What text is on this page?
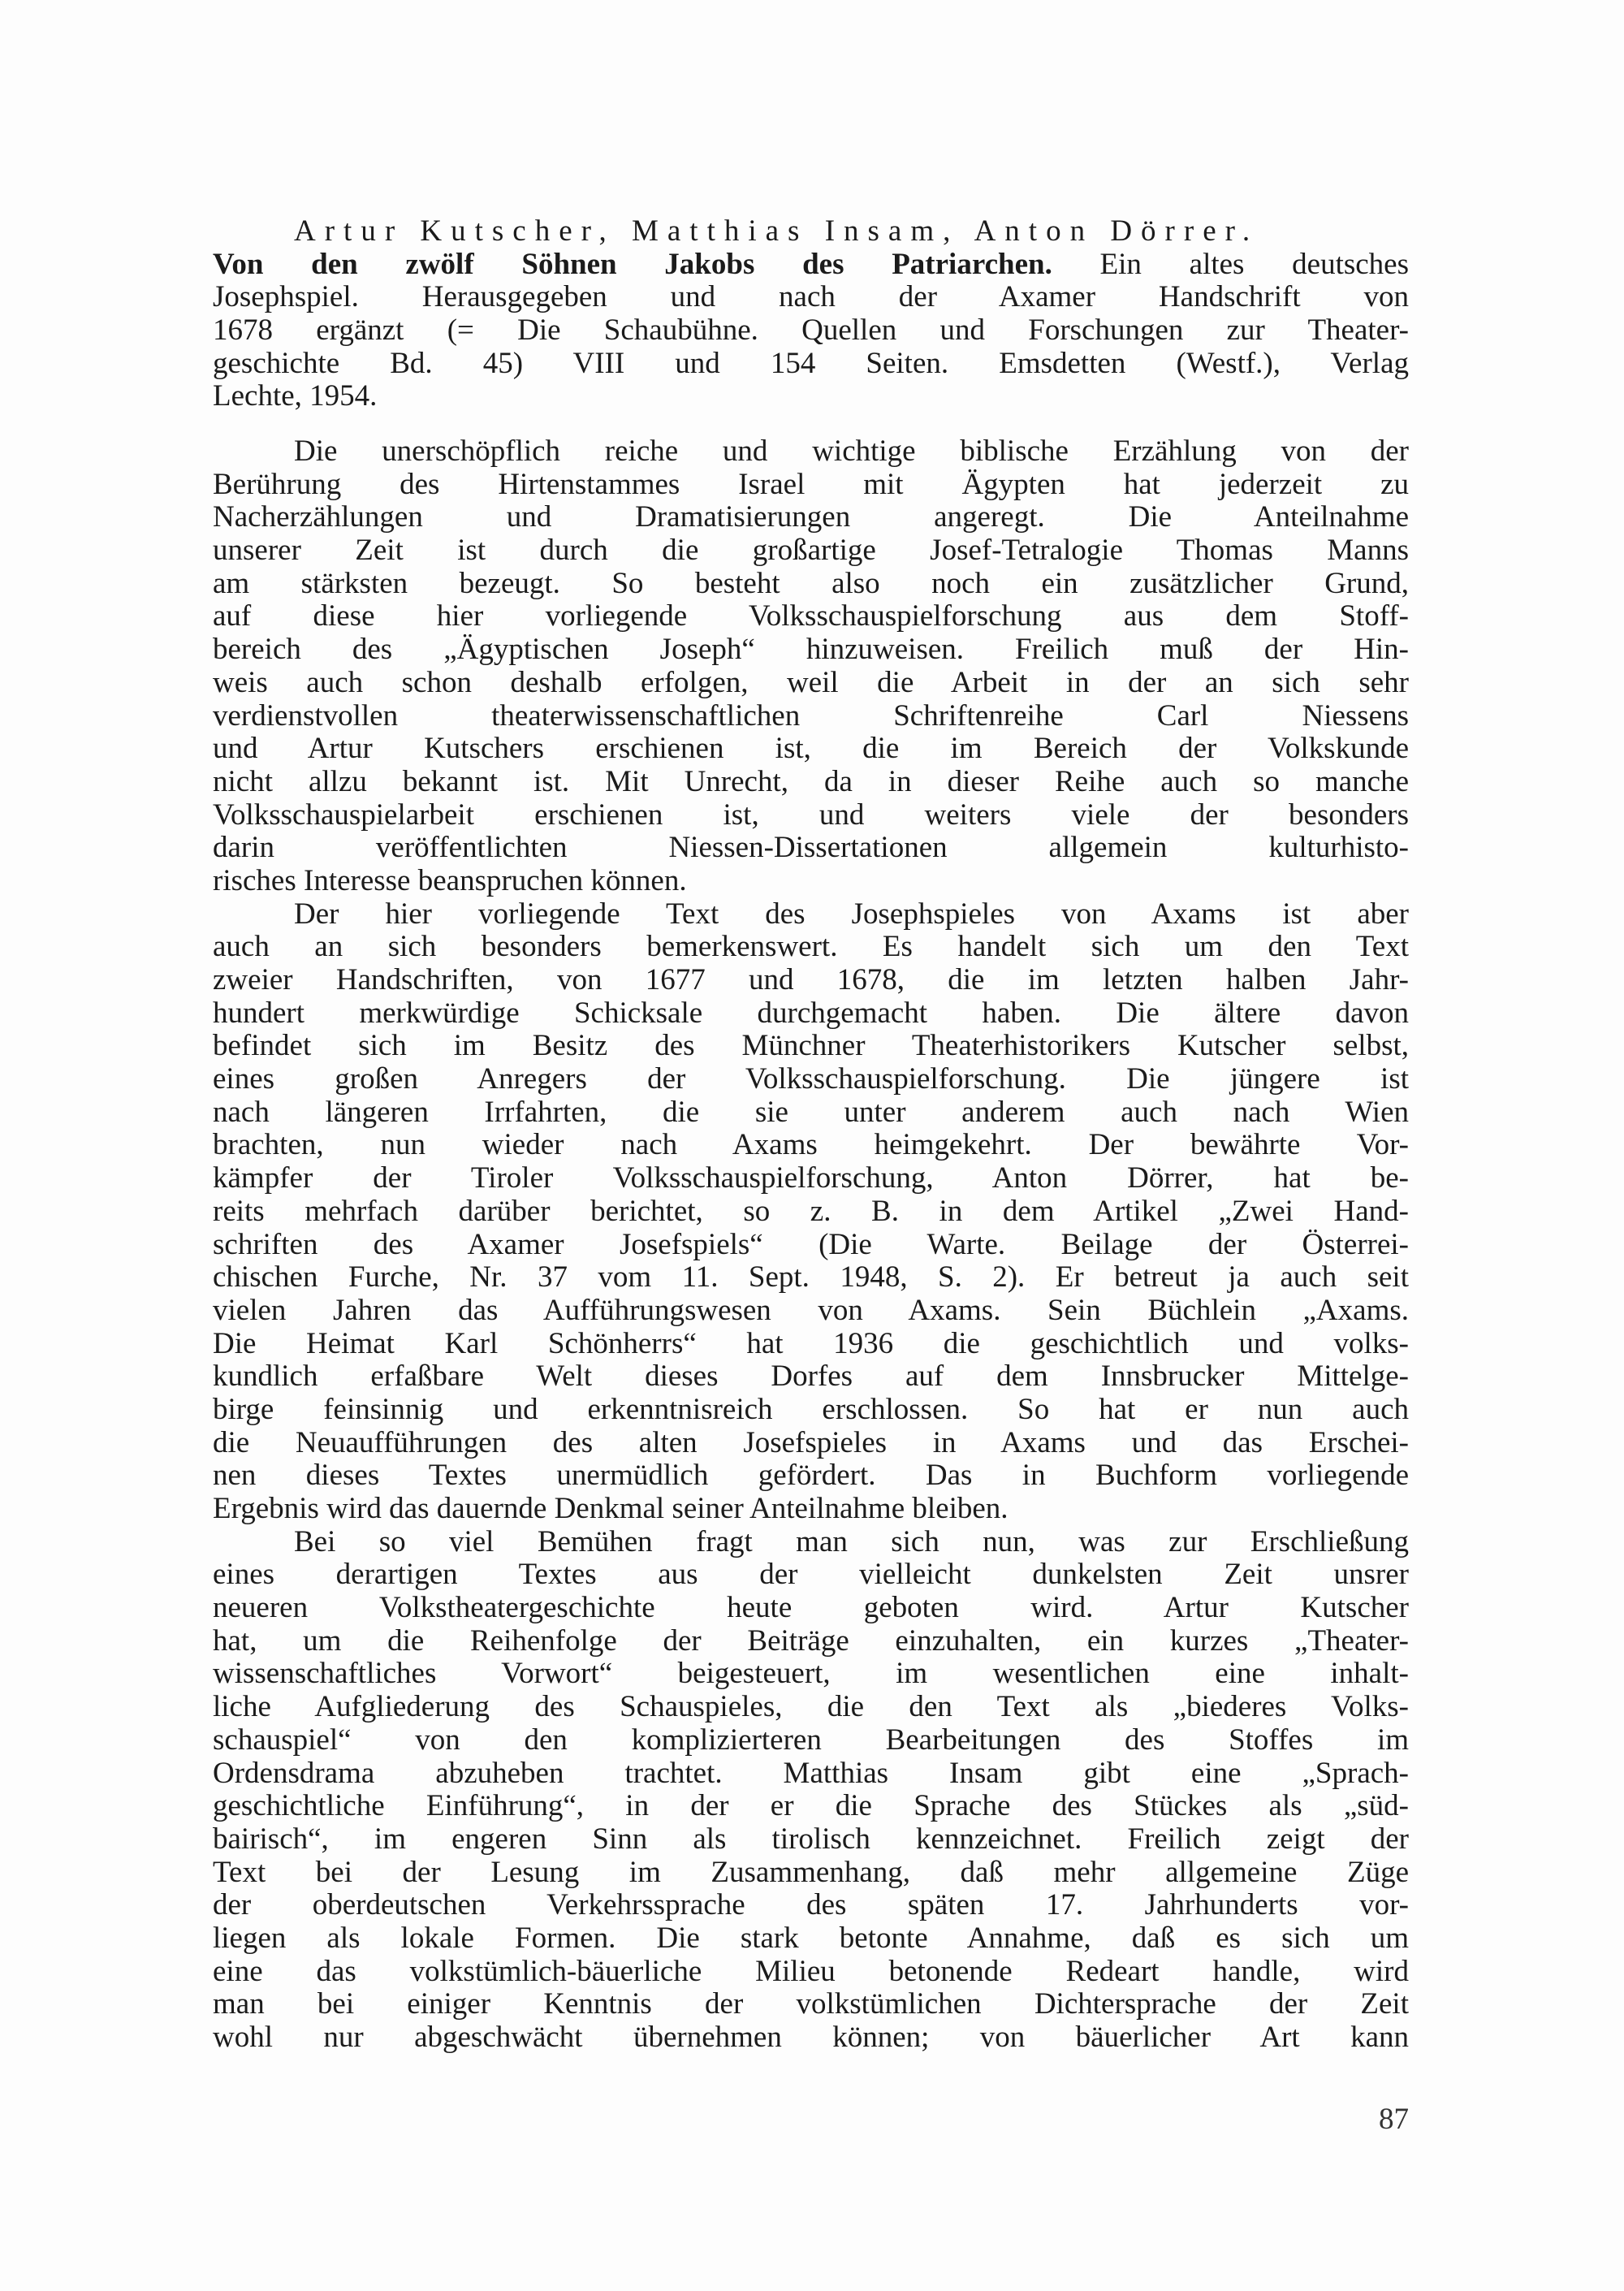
Artur Kutscher, Matthias Insam, Anton Dörrer.
Von den zwölf Söhnen Jakobs des Patriarchen. Ein altes deutsches
Josephspiel. Herausgegeben und nach der Axamer Handschrift von
1678 ergänzt (= Die Schaubühne. Quellen und Forschungen zur Theater-
geschichte Bd. 45) VIII und 154 Seiten. Emsdetten (Westf.), Verlag
Lechte, 1954.
Die unerschöpflich reiche und wichtige biblische Erzählung von der
Berührung des Hirtenstammes Israel mit Ägypten hat jederzeit zu
Nacherzählungen und Dramatisierungen angeregt. Die Anteilnahme
unserer Zeit ist durch die großartige Josef-Tetralogie Thomas Manns
am stärksten bezeugt. So besteht also noch ein zusätzlicher Grund,
auf diese hier vorliegende Volksschauspielforschung aus dem Stoff-
bereich des „Ägyptischen Joseph“ hinzuweisen. Freilich muß der Hin-
weis auch schon deshalb erfolgen, weil die Arbeit in der an sich sehr
verdienstvollen theaterwissenschaftlichen Schriftenreihe Carl Niessens
und Artur Kutschers erschienen ist, die im Bereich der Volkskunde
nicht allzu bekannt ist. Mit Unrecht, da in dieser Reihe auch so manche
Volksschauspielarbeit erschienen ist, und weiters viele der besonders
darin veröffentlichten Niessen-Dissertationen allgemein kulturhisto-
risches Interesse beanspruchen können.
Der hier vorliegende Text des Josephspieles von Axams ist aber
auch an sich besonders bemerkenswert. Es handelt sich um den Text
zweier Handschriften, von 1677 und 1678, die im letzten halben Jahr-
hundert merkwürdige Schicksale durchgemacht haben. Die ältere davon
befindet sich im Besitz des Münchner Theaterhistorikers Kutscher selbst,
eines großen Anregers der Volksschauspielforschung. Die jüngere ist
nach längeren Irrfahrten, die sie unter anderem auch nach Wien
brachten, nun wieder nach Axams heimgekehrt. Der bewährte Vor-
kämpfer der Tiroler Volksschauspielforschung, Anton Dörrer, hat be-
reits mehrfach darüber berichtet, so z. B. in dem Artikel „Zwei Hand-
schriften des Axamer Josefspiels“ (Die Warte. Beilage der Österrei-
chischen Furche, Nr. 37 vom 11. Sept. 1948, S. 2). Er betreut ja auch seit
vielen Jahren das Aufführungswesen von Axams. Sein Büchlein „Axams.
Die Heimat Karl Schönherrs“ hat 1936 die geschichtlich und volks-
kundlich erfaßbare Welt dieses Dorfes auf dem Innsbrucker Mittelge-
birge feinsinnig und erkenntnisreich erschlossen. So hat er nun auch
die Neuaufführungen des alten Josefspieles in Axams und das Erschei-
nen dieses Textes unermüdlich gefördert. Das in Buchform vorliegende
Ergebnis wird das dauernde Denkmal seiner Anteilnahme bleiben.
Bei so viel Bemühen fragt man sich nun, was zur Erschließung
eines derartigen Textes aus der vielleicht dunkelsten Zeit unsrer
neueren Volkstheatergeschichte heute geboten wird. Artur Kutscher
hat, um die Reihenfolge der Beiträge einzuhalten, ein kurzes „Theater-
wissenschaftliches Vorwort“ beigesteuert, im wesentlichen eine inhalt-
liche Aufgliederung des Schauspieles, die den Text als „biederes Volks-
schauspiel“ von den komplizierteren Bearbeitungen des Stoffes im
Ordensdrama abzuheben trachtet. Matthias Insam gibt eine „Sprach-
geschichtliche Einführung“, in der er die Sprache des Stückes als „süd-
bairisch“, im engeren Sinn als tirolisch kennzeichnet. Freilich zeigt der
Text bei der Lesung im Zusammenhang, daß mehr allgemeine Züge
der oberdeutschen Verkehrssprache des späten 17. Jahrhunderts vor-
liegen als lokale Formen. Die stark betonte Annahme, daß es sich um
eine das volkstümlich-bäuerliche Milieu betonende Redeart handle, wird
man bei einiger Kenntnis der volkstümlichen Dichtersprache der Zeit
wohl nur abgeschwächt übernehmen können; von bäuerlicher Art kann
87
